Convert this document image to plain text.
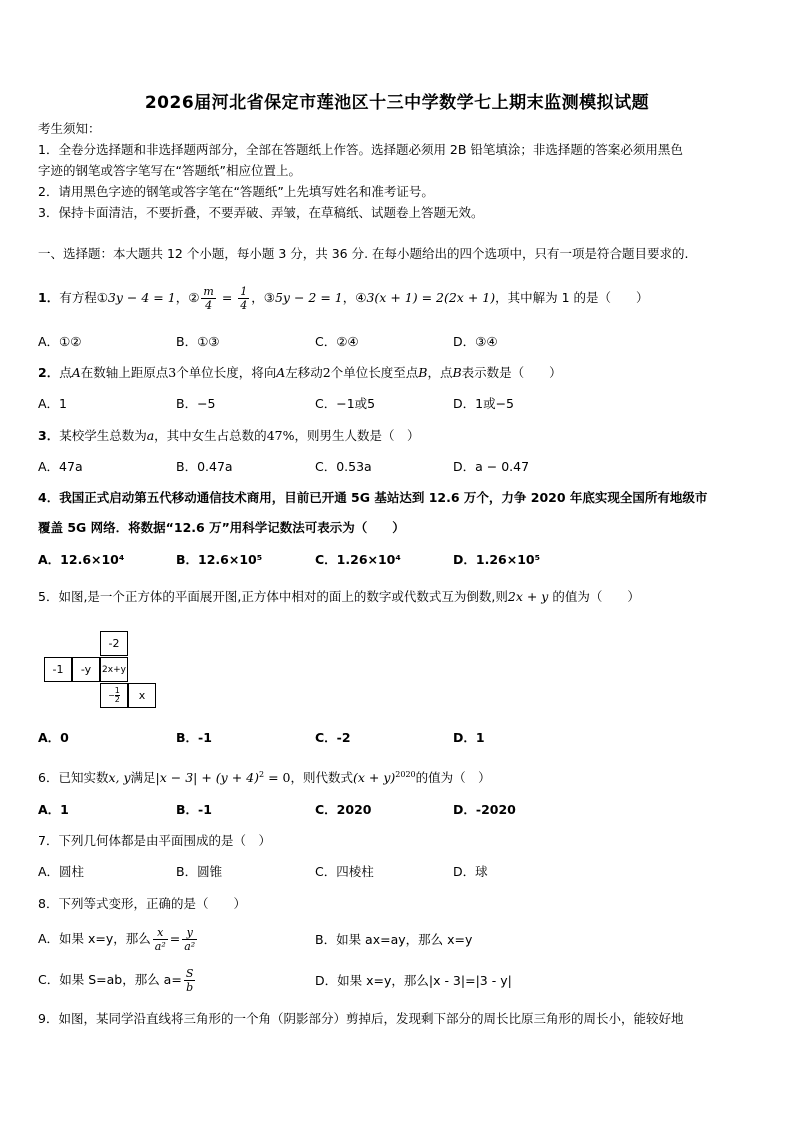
2026届河北省保定市莲池区十三中学数学七上期末监测模拟试题
考生须知：
1．全卷分选择题和非选择题两部分，全部在答题纸上作答。选择题必须用 2B 铅笔填涂；非选择题的答案必须用黑色
字迹的钢笔或答字笔写在“答题纸”相应位置上。
2．请用黑色字迹的钢笔或答字笔在“答题纸”上先填写姓名和准考证号。
3．保持卡面清洁，不要折叠，不要弄破、弄皱，在草稿纸、试题卷上答题无效。
一、选择题：本大题共 12 个小题，每小题 3 分，共 36 分. 在每小题给出的四个选项中，只有一项是符合题目要求的.
1．有方程①3y − 4 = 1，② $\frac{m}{4} = \frac{1}{4}$ ，③5y − 2 = 1，④3(x + 1) = 2(2x + 1)，其中解为 1 的是（　　）
A．①②	B．①③	C．②④	D．③④
2．点A在数轴上距原点3个单位长度，将向A左移动2个单位长度至点B，点B表示数是（　　）
A．1	B．−5	C．−1或5	D．1或−5
3．某校学生总数为a，其中女生占总数的47%，则男生人数是（　）
A．47a	B．0.47a	C．0.53a	D．a − 0.47
4．我国正式启动第五代移动通信技术商用，目前已开通 5G 基站达到 12.6 万个，力争 2020 年底实现全国所有地级市
覆盖 5G 网络．将数据“12.6 万”用科学记数法可表示为（　　）
A．12.6×10⁴	B．12.6×10⁵	C．1.26×10⁴	D．1.26×10⁵
5．如图,是一个正方体的平面展开图,正方体中相对的面上的数字或代数式互为倒数,则2x + y 的值为（　　）
-2
-1	-y	2x+y
− $\frac{1}{2}$	x
A．0	B．-1	C．-2	D．1
6．已知实数x, y满足$|x - 3| + (y + 4)^2 = 0$，则代数式$(x + y)^{2020}$的值为（　）
A．1	B．-1	C．2020	D．-2020
7．下列几何体都是由平面围成的是（　）
A．圆柱	B．圆锥	C．四棱柱	D．球
8．下列等式变形，正确的是（　　）
A．如果 x=y，那么 $\frac{x}{\text{a²}} = \frac{y}{\text{a²}}$	B．如果 ax=ay，那么 x=y
C．如果 S=ab，那么 $a= \frac{S}{b}$	D．如果 x=y，那么|x - 3|=|3 - y|
9．如图，某同学沿直线将三角形的一个角（阴影部分）剪掉后，发现剩下部分的周长比原三角形的周长小，能较好地
